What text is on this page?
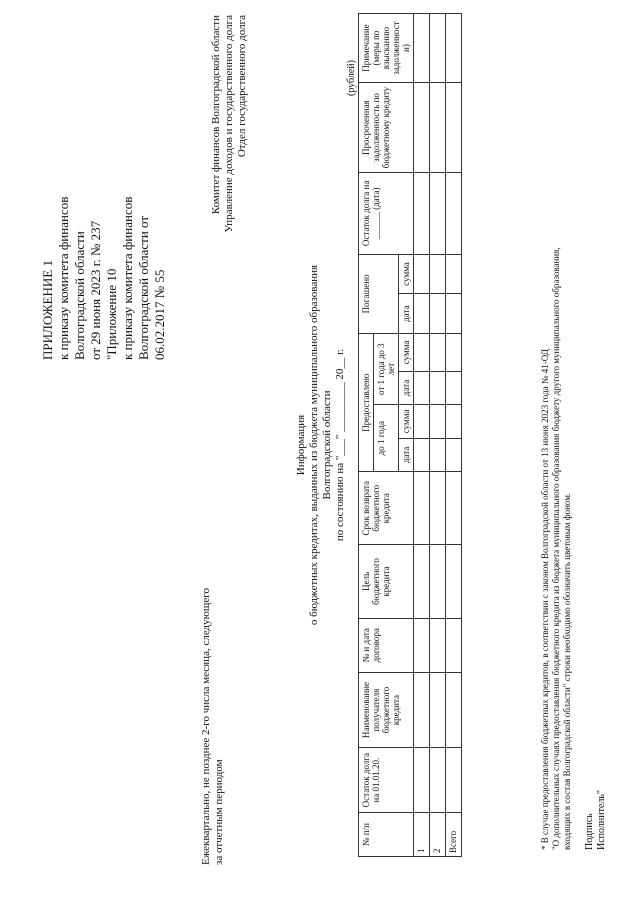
ПРИЛОЖЕНИЕ 1 к приказу комитета финансов Волгоградской области от 29 июня 2023 г. № 237 "Приложение 10 к приказу комитета финансов Волгоградской области от 06.02.2017 № 55
Комитет финансов Волгоградской области Управление доходов и государственного долга Отдел государственного долга
Ежеквартально, не позднее 2-го числа месяца, следующего за отчетным периодом
Информация о бюджетных кредитах, выданных из бюджета муниципального образования Волгоградской области по состоянию на "___" _________ 20__ г.
(рублей)
№ п/п	Остаток долга на 01.01.20.	Наименование получателя бюджетного кредита	№ и дата договора	Цель бюджетного кредита	Срок возврата бюджетного кредита	Предоставлено				Погашено		Остаток долга на ______ (дата)	Просроченная задолженность по бюджетному кредиту	Примечание (меры по взысканию задолженност и)
						до 1 года		от 1 года до 3 лет						
						дата	сумма	дата	сумма	дата	сумма			
1														
2														
Всего															* В случае предоставления бюджетных кредитов, в соответствии с законом Волгоградской области от 13 июня 2023 года № 41-ОД "О дополнительных случаях предоставления бюджетного кредита из бюджета муниципального образования бюджету другого муниципального образования, входящих в состав Волгоградской области" строки необходимо обозначить цветовым фоном. Подпись Исполнитель"
